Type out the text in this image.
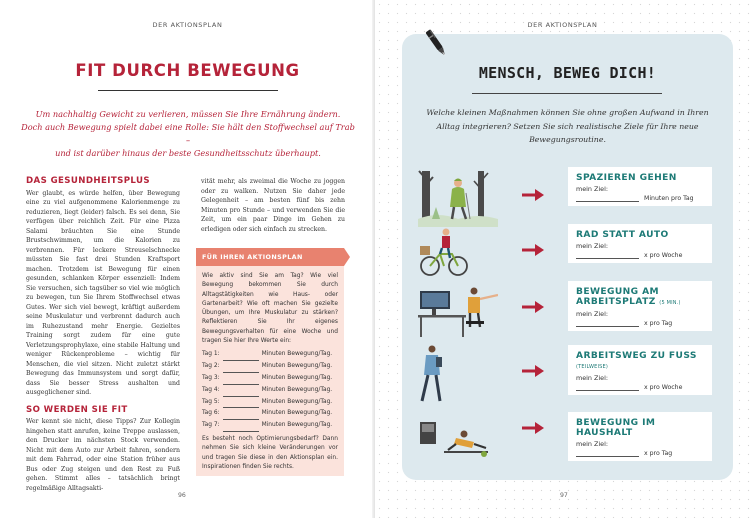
DER AKTIONSPLAN
FIT DURCH BEWEGUNG
Um nachhaltig Gewicht zu verlieren, müssen Sie Ihre Ernährung ändern.
Doch auch Bewegung spielt dabei eine Rolle: Sie hält den Stoffwechsel auf Trab –
und ist darüber hinaus der beste Gesundheitsschutz überhaupt.
DAS GESUNDHEITSPLUS

Wer glaubt, es würde helfen, über Bewegung eine zu viel aufgenommene Kalorienmenge zu reduzieren, liegt (leider) falsch. Es sei denn, Sie verfügen über reichlich Zeit. Für eine Pizza Salami bräuchten Sie eine Stunde Brustschwimmen, um die Kalorien zu verbrennen. Für leckere Streuselschnecke müssten Sie fast drei Stunden Kraftsport machen. Trotzdem ist Bewegung für einen gesunden, schlanken Körper essenziell: Indem Sie versuchen, sich tagsüber so viel wie möglich zu bewegen, tun Sie Ihrem Stoffwechsel etwas Gutes. Wer sich viel bewegt, kräftigt außerdem seine Muskulatur und verbrennt dadurch auch im Ruhezustand mehr Energie. Gezieltes Training sorgt zudem für eine gute Verletzungsprophylaxe, eine stabile Haltung und weniger Rückenprobleme – wichtig für Menschen, die viel sitzen. Nicht zuletzt stärkt Bewegung das Immunsystem und sorgt dafür, dass Sie besser Stress aushalten und ausgeglichener sind.

SO WERDEN SIE FIT

Wer kennt sie nicht, diese Tipps? Zur Kollegin hingehen statt anrufen, keine Treppe auslassen, den Drucker im nächsten Stock verwenden. Nicht mit dem Auto zur Arbeit fahren, sondern mit dem Fahrrad, oder eine Station früher aus Bus oder Zug steigen und den Rest zu Fuß gehen. Stimmt alles – tatsächlich bringt regelmäßige Alltagsakti-

vität mehr, als zweimal die Woche zu joggen oder zu walken. Nutzen Sie daher jede Gelegenheit – am besten fünf bis zehn Minuten pro Stunde – und verwenden Sie die Zeit, um ein paar Dinge im Gehen zu erledigen oder sich einfach zu strecken.

FÜR IHREN AKTIONSPLAN

Wie aktiv sind Sie am Tag? Wie viel Bewegung bekommen Sie durch Alltagstätigkeiten wie Haus- oder Gartenarbeit? Wie oft machen Sie gezielte Übungen, um Ihre Muskulatur zu stärken? Reflektieren Sie Ihr eigenes Bewegungsverhalten für eine Woche und tragen Sie hier Ihre Werte ein:

Tag 1:	Minuten Bewegung/Tag.
Tag 2:	Minuten Bewegung/Tag.
Tag 3:	Minuten Bewegung/Tag.
Tag 4:	Minuten Bewegung/Tag.
Tag 5:	Minuten Bewegung/Tag.
Tag 6:	Minuten Bewegung/Tag.
Tag 7:	Minuten Bewegung/Tag.

Es besteht noch Optimierungsbedarf? Dann nehmen Sie sich kleine Veränderungen vor und tragen Sie diese in den Aktionsplan ein. Inspirationen finden Sie rechts.

96
DER AKTIONSPLAN
MENSCH, BEWEG DICH!
Welche kleinen Maßnahmen können Sie ohne großen Aufwand in Ihren Alltag integrieren? Setzen Sie sich realistische Ziele für Ihre neue Bewegungsroutine.
SPAZIEREN GEHEN
mein Ziel:
Minuten pro Tag
RAD STATT AUTO
mein Ziel:
x pro Woche
BEWEGUNG AM ARBEITSPLATZ (5 MIN.)
mein Ziel:
x pro Tag
ARBEITSWEG ZU FUSS (TEILWEISE)
mein Ziel:
x pro Woche
BEWEGUNG IM HAUSHALT
mein Ziel:
x pro Tag
97
